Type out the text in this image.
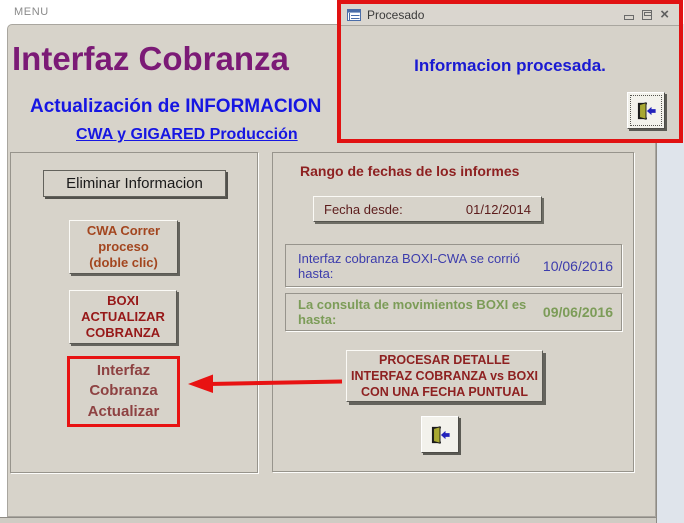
MENU
Interfaz Cobranza
Actualización de INFORMACION
CWA y GIGARED Producción
Eliminar Informacion
CWA Correr
proceso
(doble clic)
BOXI
ACTUALIZAR
COBRANZA
Interfaz
Cobranza
Actualizar
Rango de fechas de los informes
Fecha desde:	01/12/2014
Interfaz cobranza BOXI-CWA se corrió hasta:	10/06/2016
La consulta de movimientos BOXI es hasta:	09/06/2016
PROCESAR DETALLE
INTERFAZ COBRANZA vs BOXI
CON UNA FECHA PUNTUAL
Procesado	×
Informacion procesada.
